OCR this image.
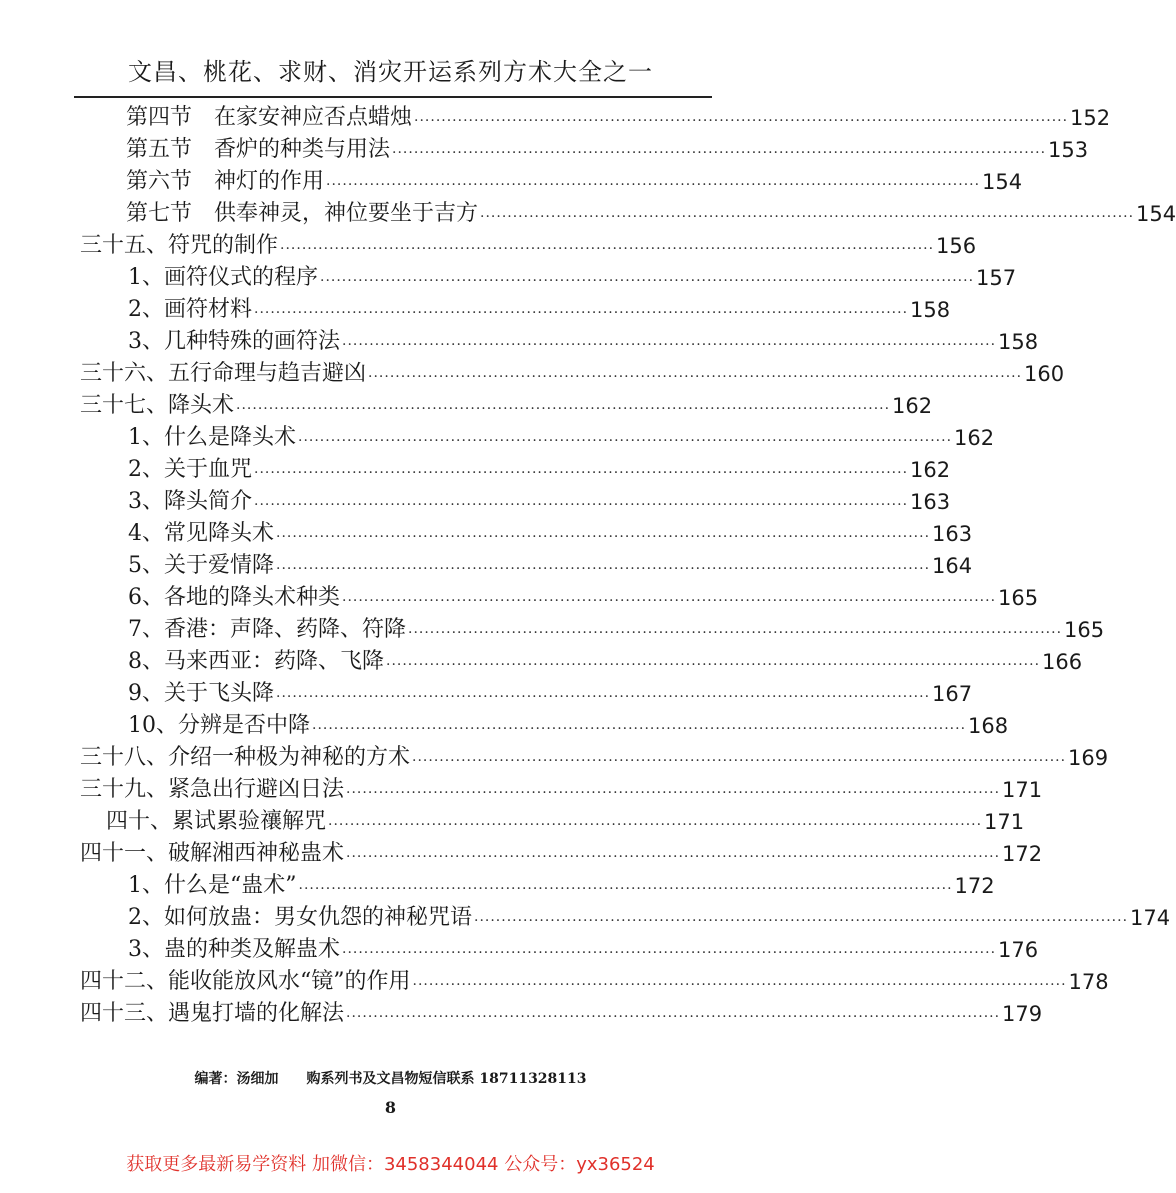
文昌、桃花、求财、消灾开运系列方术大全之一
第四节　在家安神应否点蜡烛 ························································································································ 152
第五节　香炉的种类与用法 ························································································································ 153
第六节　神灯的作用 ························································································································ 154
第七节　供奉神灵，神位要坐于吉方 ························································································································ 154
三十五、符咒的制作 ························································································································ 156
1、画符仪式的程序 ························································································································ 157
2、画符材料 ························································································································ 158
3、几种特殊的画符法 ························································································································ 158
三十六、五行命理与趋吉避凶 ························································································································ 160
三十七、降头术 ························································································································ 162
1、什么是降头术 ························································································································ 162
2、关于血咒 ························································································································ 162
3、降头简介 ························································································································ 163
4、常见降头术 ························································································································ 163
5、关于爱情降 ························································································································ 164
6、各地的降头术种类 ························································································································ 165
7、香港：声降、药降、符降 ························································································································ 165
8、马来西亚：药降、飞降 ························································································································ 166
9、关于飞头降 ························································································································ 167
10、分辨是否中降 ························································································································ 168
三十八、介绍一种极为神秘的方术 ························································································································ 169
三十九、紧急出行避凶日法 ························································································································ 171
四十、累试累验禳解咒 ························································································································ 171
四十一、破解湘西神秘蛊术 ························································································································ 172
1、什么是“蛊术” ························································································································ 172
2、如何放蛊：男女仇怨的神秘咒语 ························································································································ 174
3、蛊的种类及解蛊术 ························································································································ 176
四十二、能收能放风水“镜”的作用 ························································································································ 178
四十三、遇鬼打墙的化解法 ························································································································ 179
编著：汤细加　　购系列书及文昌物短信联系 18711328113
8
获取更多最新易学资料 加微信：3458344044 公众号：yx36524
